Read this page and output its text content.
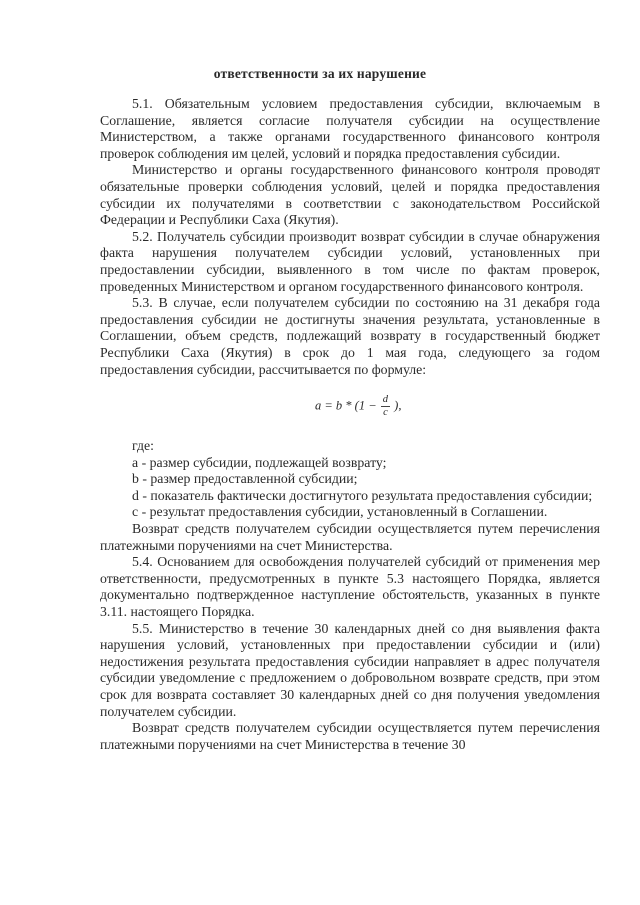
ответственности за их нарушение

5.1. Обязательным условием предоставления субсидии, включаемым в Соглашение, является согласие получателя субсидии на осуществление Министерством, а также органами государственного финансового контроля проверок соблюдения им целей, условий и порядка предоставления субсидии.

Министерство и органы государственного финансового контроля проводят обязательные проверки соблюдения условий, целей и порядка предоставления субсидии их получателями в соответствии с законодательством Российской Федерации и Республики Саха (Якутия).

5.2. Получатель субсидии производит возврат субсидии в случае обнаружения факта нарушения получателем субсидии условий, установленных при предоставлении субсидии, выявленного в том числе по фактам проверок, проведенных Министерством и органом государственного финансового контроля.

5.3. В случае, если получателем субсидии по состоянию на 31 декабря года предоставления субсидии не достигнуты значения результата, установленные в Соглашении, объем средств, подлежащий возврату в государственный бюджет Республики Саха (Якутия) в срок до 1 мая года, следующего за годом предоставления субсидии, рассчитывается по формуле:

$a = b * (1 - \frac{d}{c}$ ),

где:

a - размер субсидии, подлежащей возврату;

b - размер предоставленной субсидии;

d - показатель фактически достигнутого результата предоставления субсидии;

c - результат предоставления субсидии, установленный в Соглашении.

Возврат средств получателем субсидии осуществляется путем перечисления платежными поручениями на счет Министерства.

5.4. Основанием для освобождения получателей субсидий от применения мер ответственности, предусмотренных в пункте 5.3 настоящего Порядка, является документально подтвержденное наступление обстоятельств, указанных в пункте 3.11. настоящего Порядка.

5.5. Министерство в течение 30 календарных дней со дня выявления факта нарушения условий, установленных при предоставлении субсидии и (или) недостижения результата предоставления субсидии направляет в адрес получателя субсидии уведомление с предложением о добровольном возврате средств, при этом срок для возврата составляет 30 календарных дней со дня получения уведомления получателем субсидии.

Возврат средств получателем субсидии осуществляется путем перечисления платежными поручениями на счет Министерства в течение 30
